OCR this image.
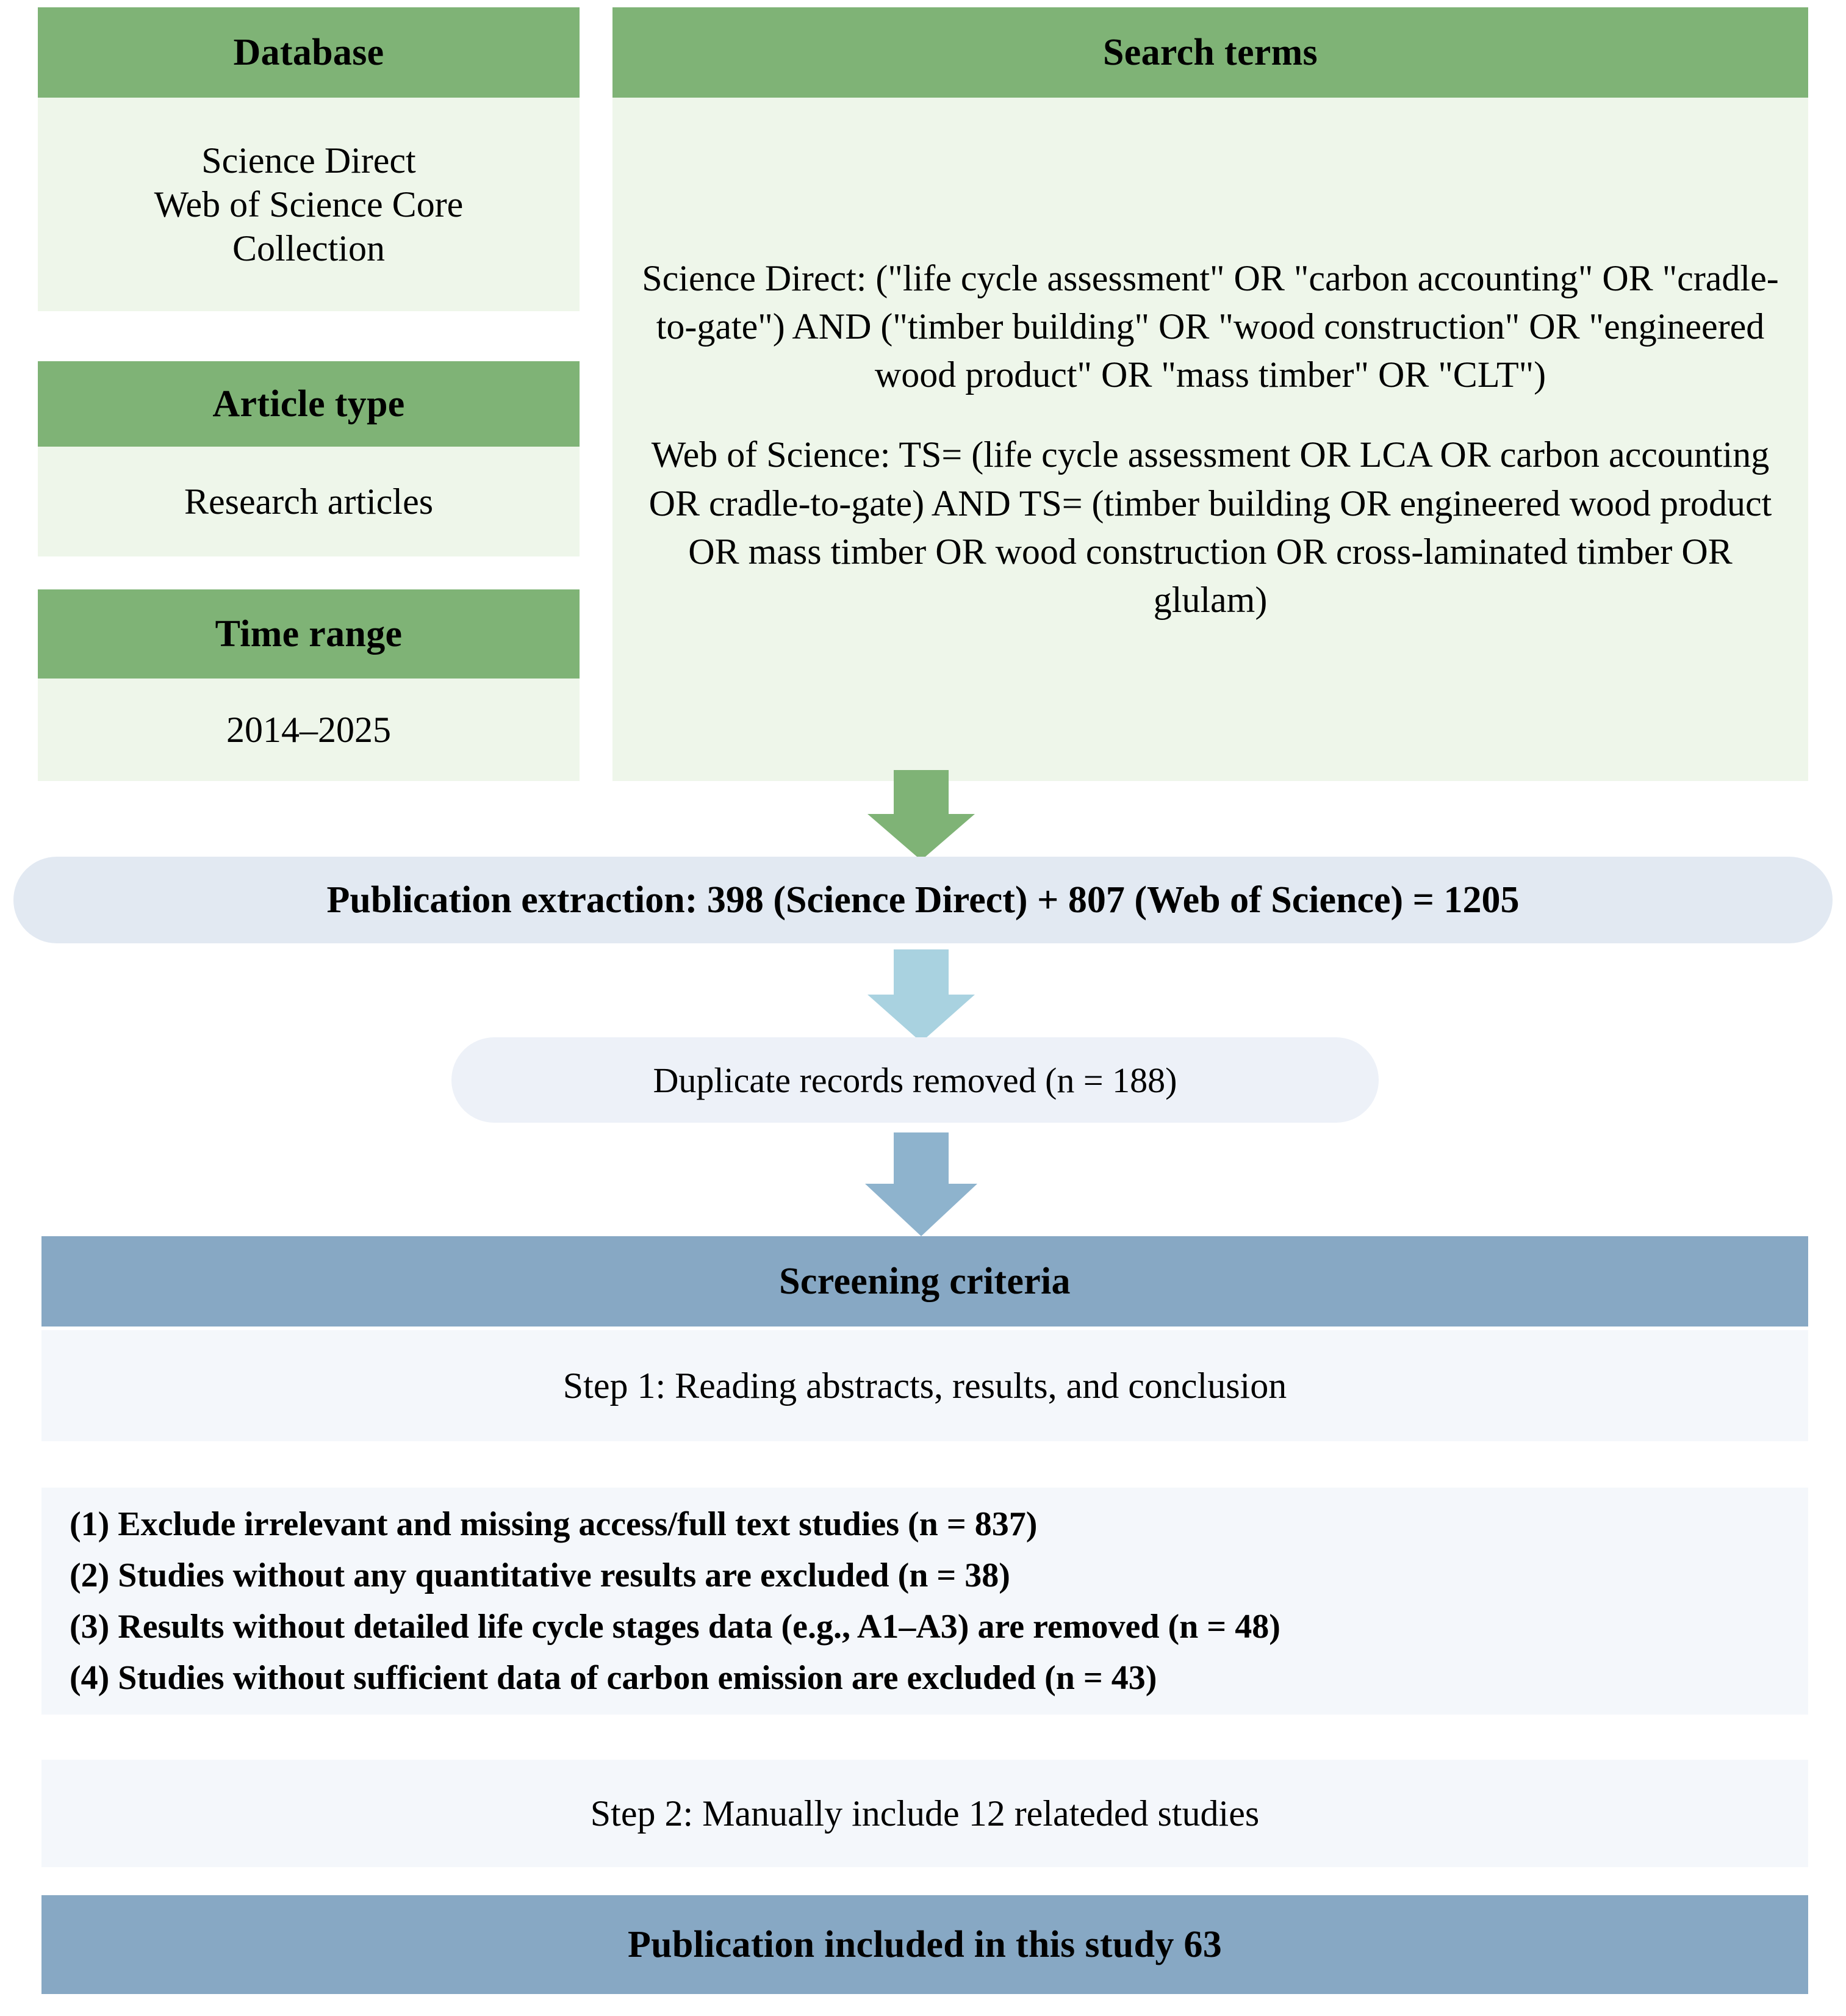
Database
Science Direct
Web of Science Core
Collection
Article type
Research articles
Time range
2014–2025
Search terms
Science Direct: ("life cycle assessment" OR "carbon accounting" OR "cradle-to-gate") AND ("timber building" OR "wood construction" OR "engineered wood product" OR "mass timber" OR "CLT")
Web of Science: TS= (life cycle assessment OR LCA OR carbon accounting OR cradle-to-gate) AND TS= (timber building OR engineered wood product OR mass timber OR wood construction OR cross-laminated timber OR glulam)
Publication extraction: 398 (Science Direct) + 807 (Web of Science) = 1205
Duplicate records removed (n = 188)
Screening criteria
Step 1: Reading abstracts, results, and conclusion
(1) Exclude irrelevant and missing access/full text studies (n = 837)
(2) Studies without any quantitative results are excluded (n = 38)
(3) Results without detailed life cycle stages data (e.g., A1–A3) are removed (n = 48)
(4) Studies without sufficient data of carbon emission are excluded (n = 43)
Step 2: Manually include 12 relateded studies
Publication included in this study 63
